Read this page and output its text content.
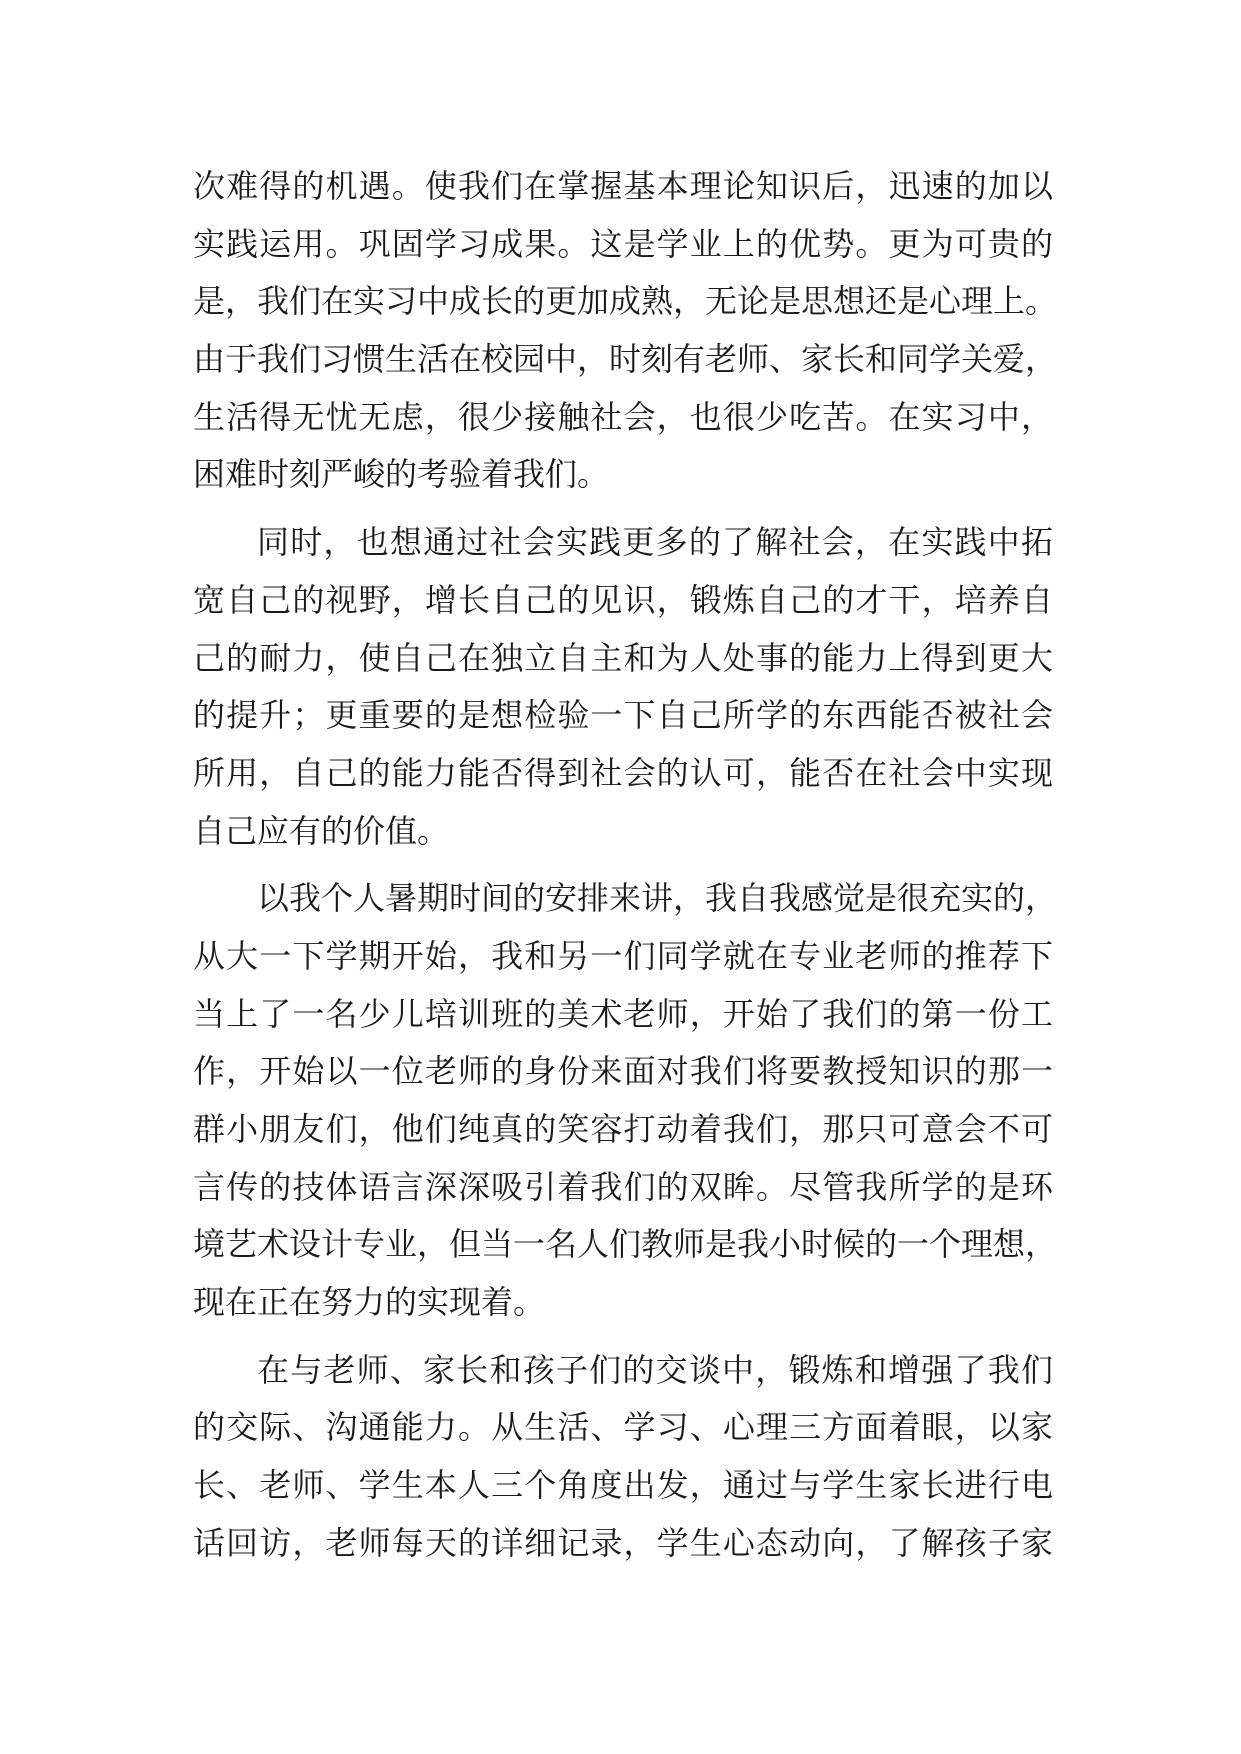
次难得的机遇。使我们在掌握基本理论知识后，迅速的加以
实践运用。巩固学习成果。这是学业上的优势。更为可贵的
是，我们在实习中成长的更加成熟，无论是思想还是心理上。
由于我们习惯生活在校园中，时刻有老师、家长和同学关爱，
生活得无忧无虑，很少接触社会，也很少吃苦。在实习中，
困难时刻严峻的考验着我们。
同时，也想通过社会实践更多的了解社会，在实践中拓
宽自己的视野，增长自己的见识，锻炼自己的才干，培养自
己的耐力，使自己在独立自主和为人处事的能力上得到更大
的提升；更重要的是想检验一下自己所学的东西能否被社会
所用，自己的能力能否得到社会的认可，能否在社会中实现
自己应有的价值。
以我个人暑期时间的安排来讲，我自我感觉是很充实的，
从大一下学期开始，我和另一们同学就在专业老师的推荐下
当上了一名少儿培训班的美术老师，开始了我们的第一份工
作，开始以一位老师的身份来面对我们将要教授知识的那一
群小朋友们，他们纯真的笑容打动着我们，那只可意会不可
言传的技体语言深深吸引着我们的双眸。尽管我所学的是环
境艺术设计专业，但当一名人们教师是我小时候的一个理想，
现在正在努力的实现着。
在与老师、家长和孩子们的交谈中，锻炼和增强了我们
的交际、沟通能力。从生活、学习、心理三方面着眼，以家
长、老师、学生本人三个角度出发，通过与学生家长进行电
话回访，老师每天的详细记录，学生心态动向，了解孩子家
